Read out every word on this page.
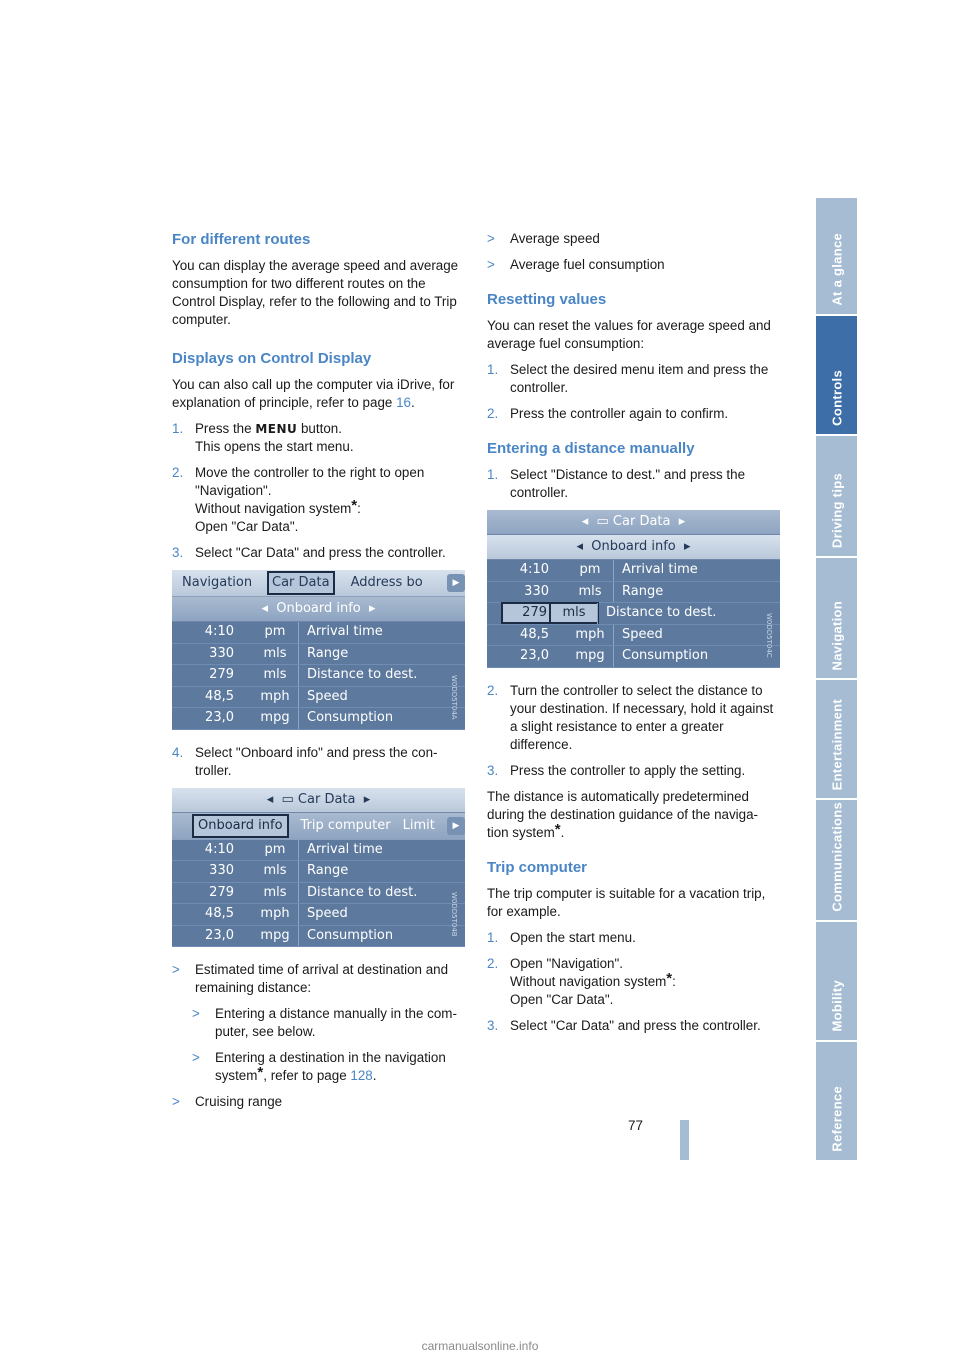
For different routes

You can display the average speed and average consumption for two different routes on the Control Display, refer to the following and to Trip computer.

Displays on Control Display

You can also call up the computer via iDrive, for explanation of principle, refer to page 16.

1. Press the MENU button.
This opens the start menu.
2. Move the controller to the right to open "Navigation".
Without navigation system*:
Open "Car Data".
3. Select "Car Data" and press the controller.
Navigation	Car Data	Address bo	▶
◂ Onboard info ▸
4:10	pm	Arrival time
330	mls	Range
279	mls	Distance to dest.
48,5	mph	Speed
23,0	mpg	Consumption	W0DD5T04A
4. Select "Onboard info" and press the con-troller.
◂ ▭ Car Data ▸
Onboard info	Trip computer Limit	▶
4:10	pm	Arrival time
330	mls	Range
279	mls	Distance to dest.
48,5	mph	Speed
23,0	mpg	Consumption	W0DD5T04B
> Estimated time of arrival at destination and remaining distance:
> Entering a distance manually in the com-puter, see below.
> Entering a destination in the navigation system*, refer to page 128.
> Cruising range
> Average speed
> Average fuel consumption
Resetting values

You can reset the values for average speed and average fuel consumption:

1. Select the desired menu item and press the controller.
2. Press the controller again to confirm.
Entering a distance manually
1. Select "Distance to dest." and press the controller.
◂ ▭ Car Data ▸
◂ Onboard info ▸
4:10	pm	Arrival time
330	mls	Range
279	mls	Distance to dest.
48,5	mph	Speed
23,0	mpg	Consumption	W0DD5T04C
2. Turn the controller to select the distance to your destination. If necessary, hold it against a slight resistance to enter a greater difference.
3. Press the controller to apply the setting.

The distance is automatically predetermined during the destination guidance of the naviga-tion system*.

Trip computer

The trip computer is suitable for a vacation trip, for example.

1. Open the start menu.
2. Open "Navigation".
Without navigation system*:
Open "Car Data".
3. Select "Car Data" and press the controller.
At a glance
Controls
Driving tips
Navigation
Entertainment
Communications
Mobility
Reference
77
carmanualsonline.info
